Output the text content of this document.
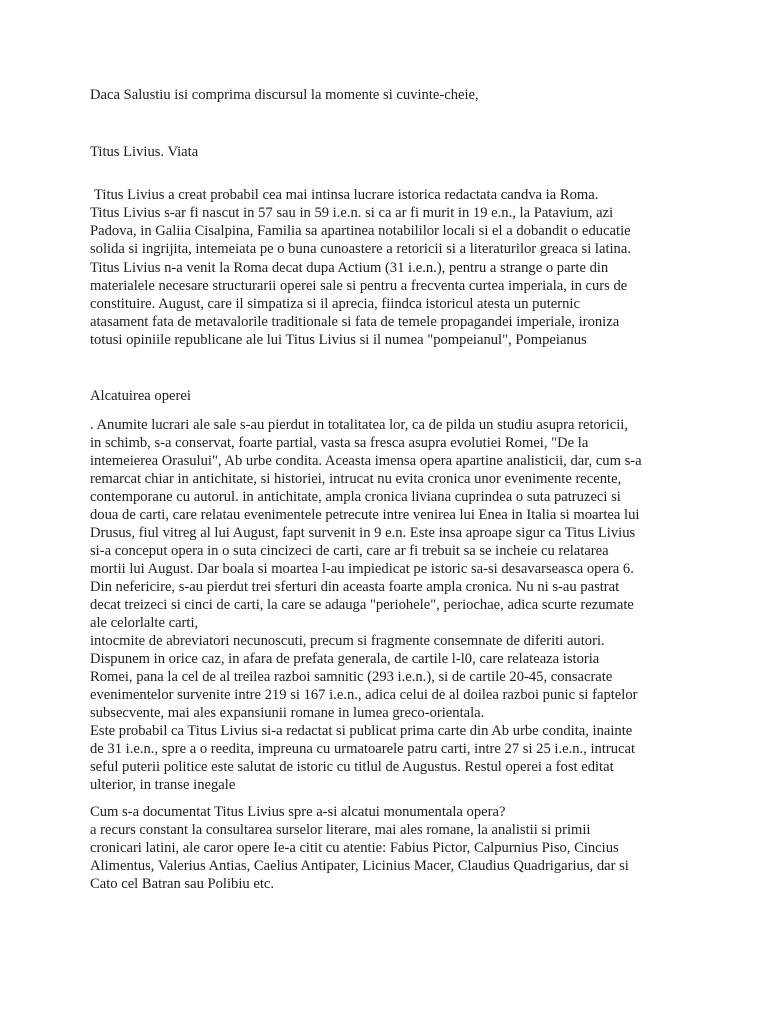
Daca Salustiu isi comprima discursul la momente si cuvinte-cheie,

Titus Livius. Viata

Titus Livius a creat probabil cea mai intinsa lucrare istorica redactata candva ia Roma.

Titus Livius s-ar fi nascut in 57 sau in 59 i.e.n. si ca ar fi murit in 19 e.n., la Patavium, azi

Padova, in Galiia Cisalpina, Familia sa apartinea notabililor locali si el a dobandit o educatie

solida si ingrijita, intemeiata pe o buna cunoastere a retoricii si a literaturilor greaca si latina.

Titus Livius n-a venit la Roma decat dupa Actium (31 i.e.n.), pentru a strange o parte din

materialele necesare structurarii operei sale si pentru a frecventa curtea imperiala, in curs de

constituire. August, care il simpatiza si il aprecia, fiindca istoricul atesta un puternic

atasament fata de metavalorile traditionale si fata de temele propagandei imperiale, ironiza

totusi opiniile republicane ale lui Titus Livius si il numea "pompeianul", Pompeianus

Alcatuirea operei

. Anumite lucrari ale sale s-au pierdut in totalitatea lor, ca de pilda un studiu asupra retoricii,

in schimb, s-a conservat, foarte partial, vasta sa fresca asupra evolutiei Romei, "De la

intemeierea Orasului", Ab urbe condita. Aceasta imensa opera apartine analisticii, dar, cum s-a

remarcat chiar in antichitate, si historiei, intrucat nu evita cronica unor evenimente recente,

contemporane cu autorul. in antichitate, ampla cronica liviana cuprindea o suta patruzeci si

doua de carti, care relatau evenimentele petrecute intre venirea lui Enea in Italia si moartea lui

Drusus, fiul vitreg al lui August, fapt survenit in 9 e.n. Este insa aproape sigur ca Titus Livius

si-a conceput opera in o suta cincizeci de carti, care ar fi trebuit sa se incheie cu relatarea

mortii lui August. Dar boala si moartea l-au impiedicat pe istoric sa-si desavarseasca opera 6.

Din nefericire, s-au pierdut trei sferturi din aceasta foarte ampla cronica. Nu ni s-au pastrat

decat treizeci si cinci de carti, la care se adauga "periohele", periochae, adica scurte rezumate

ale celorlalte carti,

intocmite de abreviatori necunoscuti, precum si fragmente consemnate de diferiti autori.

Dispunem in orice caz, in afara de prefata generala, de cartile l-l0, care relateaza istoria

Romei, pana la cel de al treilea razboi samnitic (293 i.e.n.), si de cartile 20-45, consacrate

evenimentelor survenite intre 219 si 167 i.e.n., adica celui de al doilea razboi punic si faptelor

subsecvente, mai ales expansiunii romane in lumea greco-orientala.

Este probabil ca Titus Livius si-a redactat si publicat prima carte din Ab urbe condita, inainte

de 31 i.e.n., spre a o reedita, impreuna cu urmatoarele patru carti, intre 27 si 25 i.e.n., intrucat

seful puterii politice este salutat de istoric cu titlul de Augustus. Restul operei a fost editat

ulterior, in transe inegale

Cum s-a documentat Titus Livius spre a-si alcatui monumentala opera?

a recurs constant la consultarea surselor literare, mai ales romane, la analistii si primii

cronicari latini, ale caror opere Ie-a citit cu atentie: Fabius Pictor, Calpurnius Piso, Cincius

Alimentus, Valerius Antias, Caelius Antipater, Licinius Macer, Claudius Quadrigarius, dar si

Cato cel Batran sau Polibiu etc.
